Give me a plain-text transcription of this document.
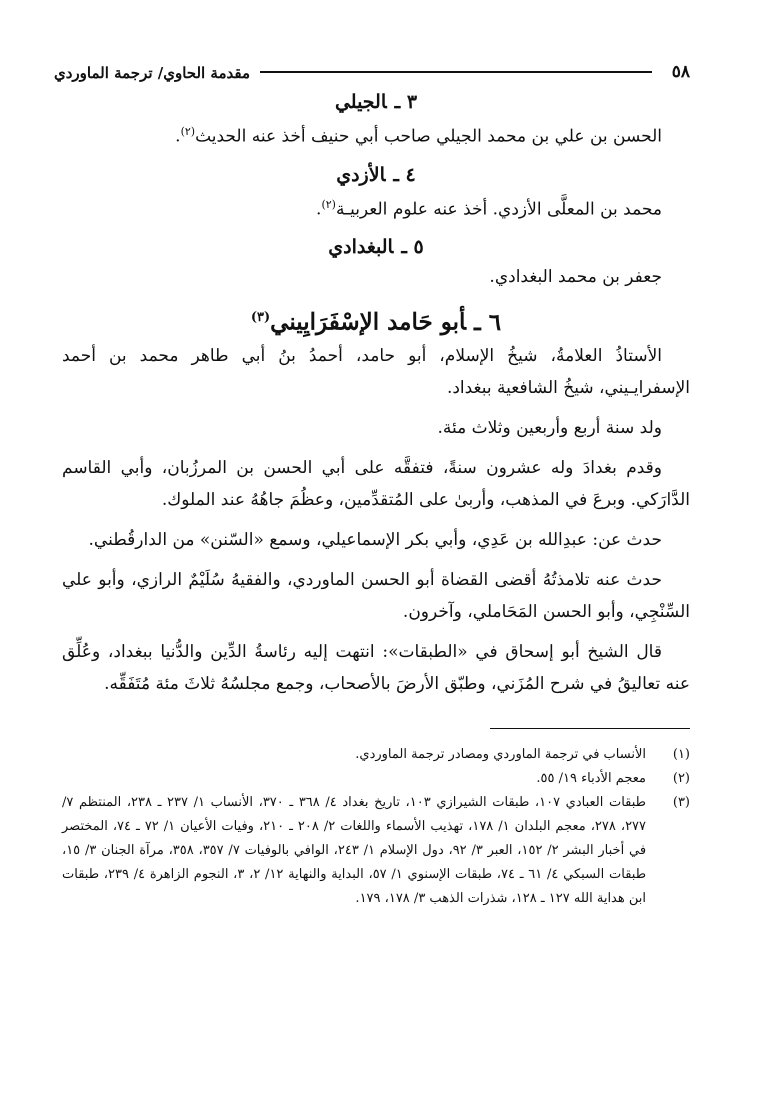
٥٨
مقدمة الحاوي/ ترجمة الماوردي
٣ ـالجيلي

الحسن بن علي بن محمد الجيلي صاحب أبي حنيف أخذ عنه الحديث$^{(٢)}$.

٤ ـالأزدي

محمد بن المعلَّى الأزدي. أخذ عنه علوم العربيـة$^{(٢)}$.

٥ ـالبغدادي

جعفر بن محمد البغدادي.

٦ ـأبو حَامد الإسْفَرَايِيني$^{(٣)}$

الأستاذُ العلامةُ، شيخُ الإسلام، أبو حامد، أحمدُ بنُ أبي طاهر محمد بن أحمد الإسفرايـيني، شيخُ الشافعية ببغداد.

ولد سنة أربع وأربعين وثلاث مئة.

وقدم بغدادَ وله عشرون سنةً، فتفقَّه على أبي الحسن بن المرزُبان، وأبي القاسم الدَّارَكي. وبرعَ في المذهب، وأربىٰ على المُتقدِّمين، وعظُمَ جاهُهُ عند الملوك.

حدث عن: عبدِالله بن عَدِي، وأبي بكر الإسماعيلي، وسمع «السّنن» من الدارقُطني.

حدث عنه تلامذتُهُ أقضى القضاة أبو الحسن الماوردي، والفقيهُ سُلَيْمٌ الرازي، وأبو علي السِّنْجِي، وأبو الحسن المَحَاملي، وآخرون.

قال الشيخ أبو إسحاق في «الطبقات»: انتهت إليه رئاسةُ الدِّين والدُّنيا ببغداد، وعُلِّق عنه تعاليقُ في شرح المُزَني، وطبّق الأرضَ بالأصحاب، وجمع مجلسُهُ ثلاثَ مئة مُتَفَقِّه.

(١)
الأنساب في ترجمة الماوردي ومصادر ترجمة الماوردي.
(٢)
معجم الأدباء ١٩/ ٥٥.
(٣)
طبقات العبادي ١٠٧، طبقات الشيرازي ١٠٣، تاريخ بغداد ٤/ ٣٦٨ ـ ٣٧٠، الأنساب ١/ ٢٣٧ ـ ٢٣٨، المنتظم ٧/ ٢٧٧، ٢٧٨، معجم البلدان ١/ ١٧٨، تهذيب الأسماء واللغات ٢/ ٢٠٨ ـ ٢١٠، وفيات الأعيان ١/ ٧٢ ـ ٧٤، المختصر في أخبار البشر ٢/ ١٥٢، العبر ٣/ ٩٢، دول الإسلام ١/ ٢٤٣، الوافي بالوفيات ٧/ ٣٥٧، ٣٥٨، مرآة الجنان ٣/ ١٥، طبقات السبكي ٤/ ٦١ ـ ٧٤، طبقات الإسنوي ١/ ٥٧، البداية والنهاية ١٢/ ٢، ٣، النجوم الزاهرة ٤/ ٢٣٩، طبقات ابن هداية الله ١٢٧ ـ ١٢٨، شذرات الذهب ٣/ ١٧٨، ١٧٩.
